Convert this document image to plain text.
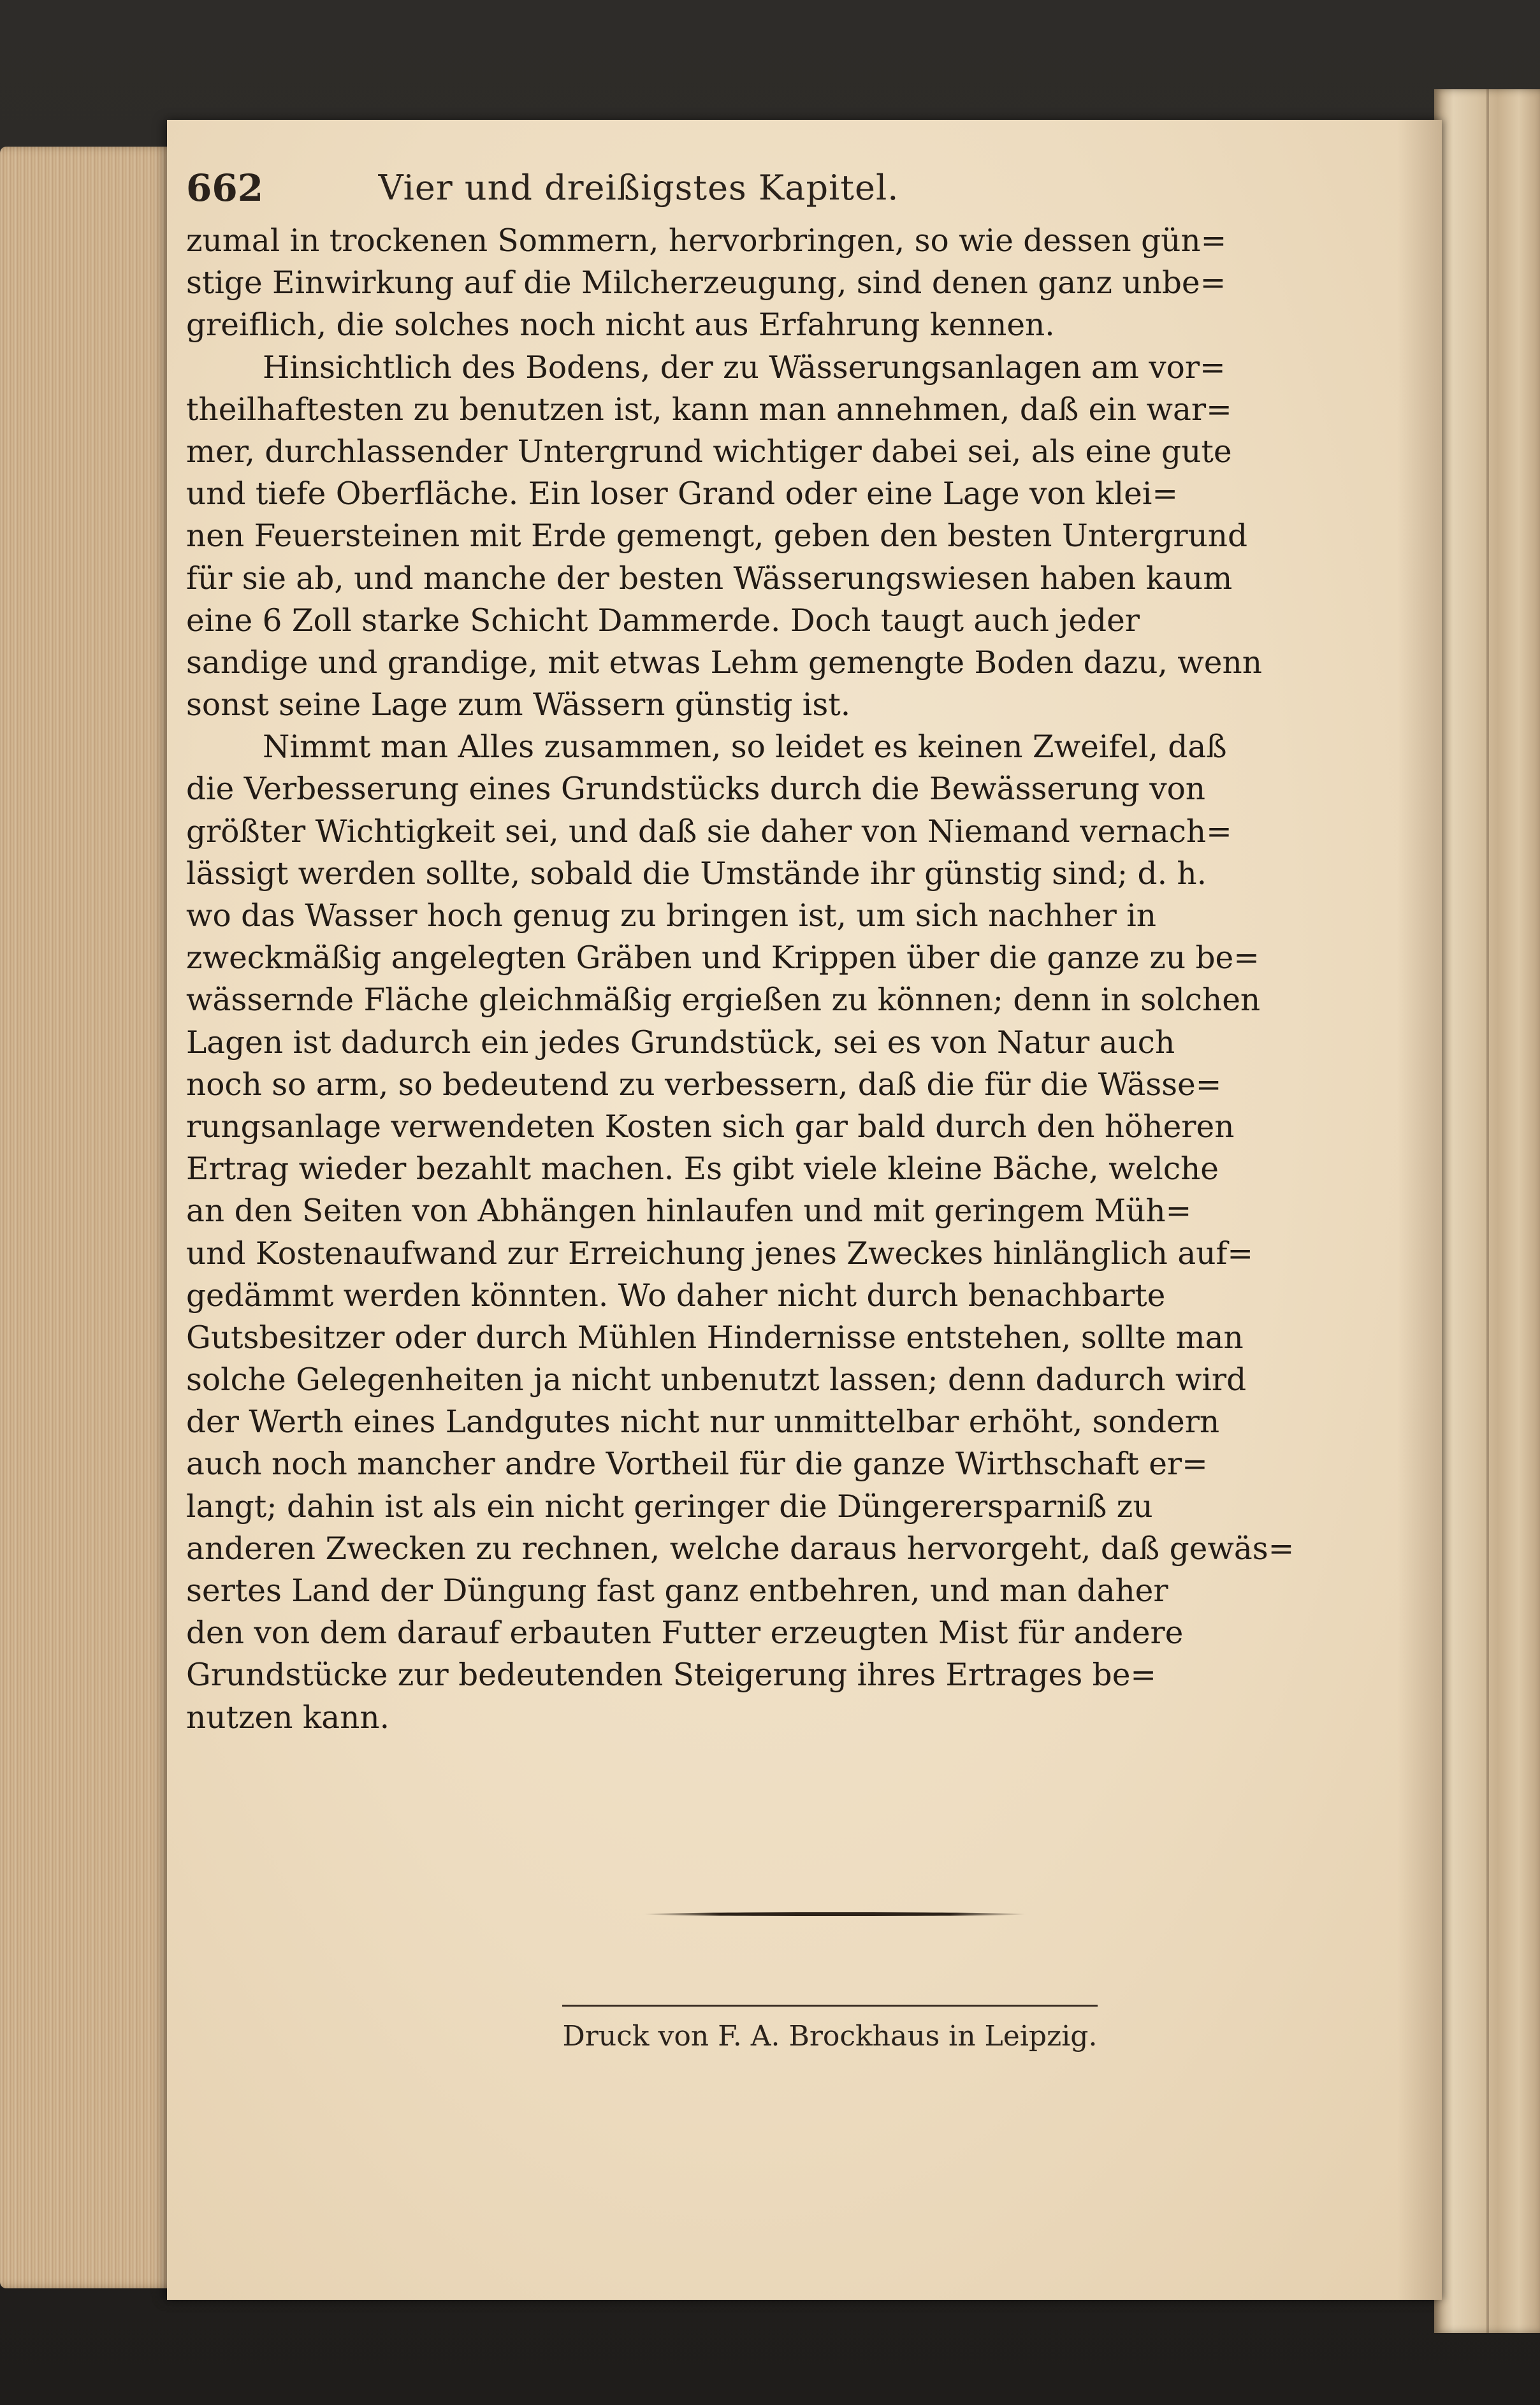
662	Vier und dreißigstes Kapitel.
zumal in trockenen Sommern, hervorbringen, so wie dessen gün=
stige Einwirkung auf die Milcherzeugung, sind denen ganz unbe=
greiflich, die solches noch nicht aus Erfahrung kennen.
Hinsichtlich des Bodens, der zu Wässerungsanlagen am vor=
theilhaftesten zu benutzen ist, kann man annehmen, daß ein war=
mer, durchlassender Untergrund wichtiger dabei sei, als eine gute
und tiefe Oberfläche. Ein loser Grand oder eine Lage von klei=
nen Feuersteinen mit Erde gemengt, geben den besten Untergrund
für sie ab, und manche der besten Wässerungswiesen haben kaum
eine 6 Zoll starke Schicht Dammerde. Doch taugt auch jeder
sandige und grandige, mit etwas Lehm gemengte Boden dazu, wenn
sonst seine Lage zum Wässern günstig ist.
Nimmt man Alles zusammen, so leidet es keinen Zweifel, daß
die Verbesserung eines Grundstücks durch die Bewässerung von
größter Wichtigkeit sei, und daß sie daher von Niemand vernach=
lässigt werden sollte, sobald die Umstände ihr günstig sind; d. h.
wo das Wasser hoch genug zu bringen ist, um sich nachher in
zweckmäßig angelegten Gräben und Krippen über die ganze zu be=
wässernde Fläche gleichmäßig ergießen zu können; denn in solchen
Lagen ist dadurch ein jedes Grundstück, sei es von Natur auch
noch so arm, so bedeutend zu verbessern, daß die für die Wässe=
rungsanlage verwendeten Kosten sich gar bald durch den höheren
Ertrag wieder bezahlt machen. Es gibt viele kleine Bäche, welche
an den Seiten von Abhängen hinlaufen und mit geringem Müh=
und Kostenaufwand zur Erreichung jenes Zweckes hinlänglich auf=
gedämmt werden könnten. Wo daher nicht durch benachbarte
Gutsbesitzer oder durch Mühlen Hindernisse entstehen, sollte man
solche Gelegenheiten ja nicht unbenutzt lassen; denn dadurch wird
der Werth eines Landgutes nicht nur unmittelbar erhöht, sondern
auch noch mancher andre Vortheil für die ganze Wirthschaft er=
langt; dahin ist als ein nicht geringer die Düngerersparniß zu
anderen Zwecken zu rechnen, welche daraus hervorgeht, daß gewäs=
sertes Land der Düngung fast ganz entbehren, und man daher
den von dem darauf erbauten Futter erzeugten Mist für andere
Grundstücke zur bedeutenden Steigerung ihres Ertrages be=
nutzen kann.
Druck von F. A. Brockhaus in Leipzig.
